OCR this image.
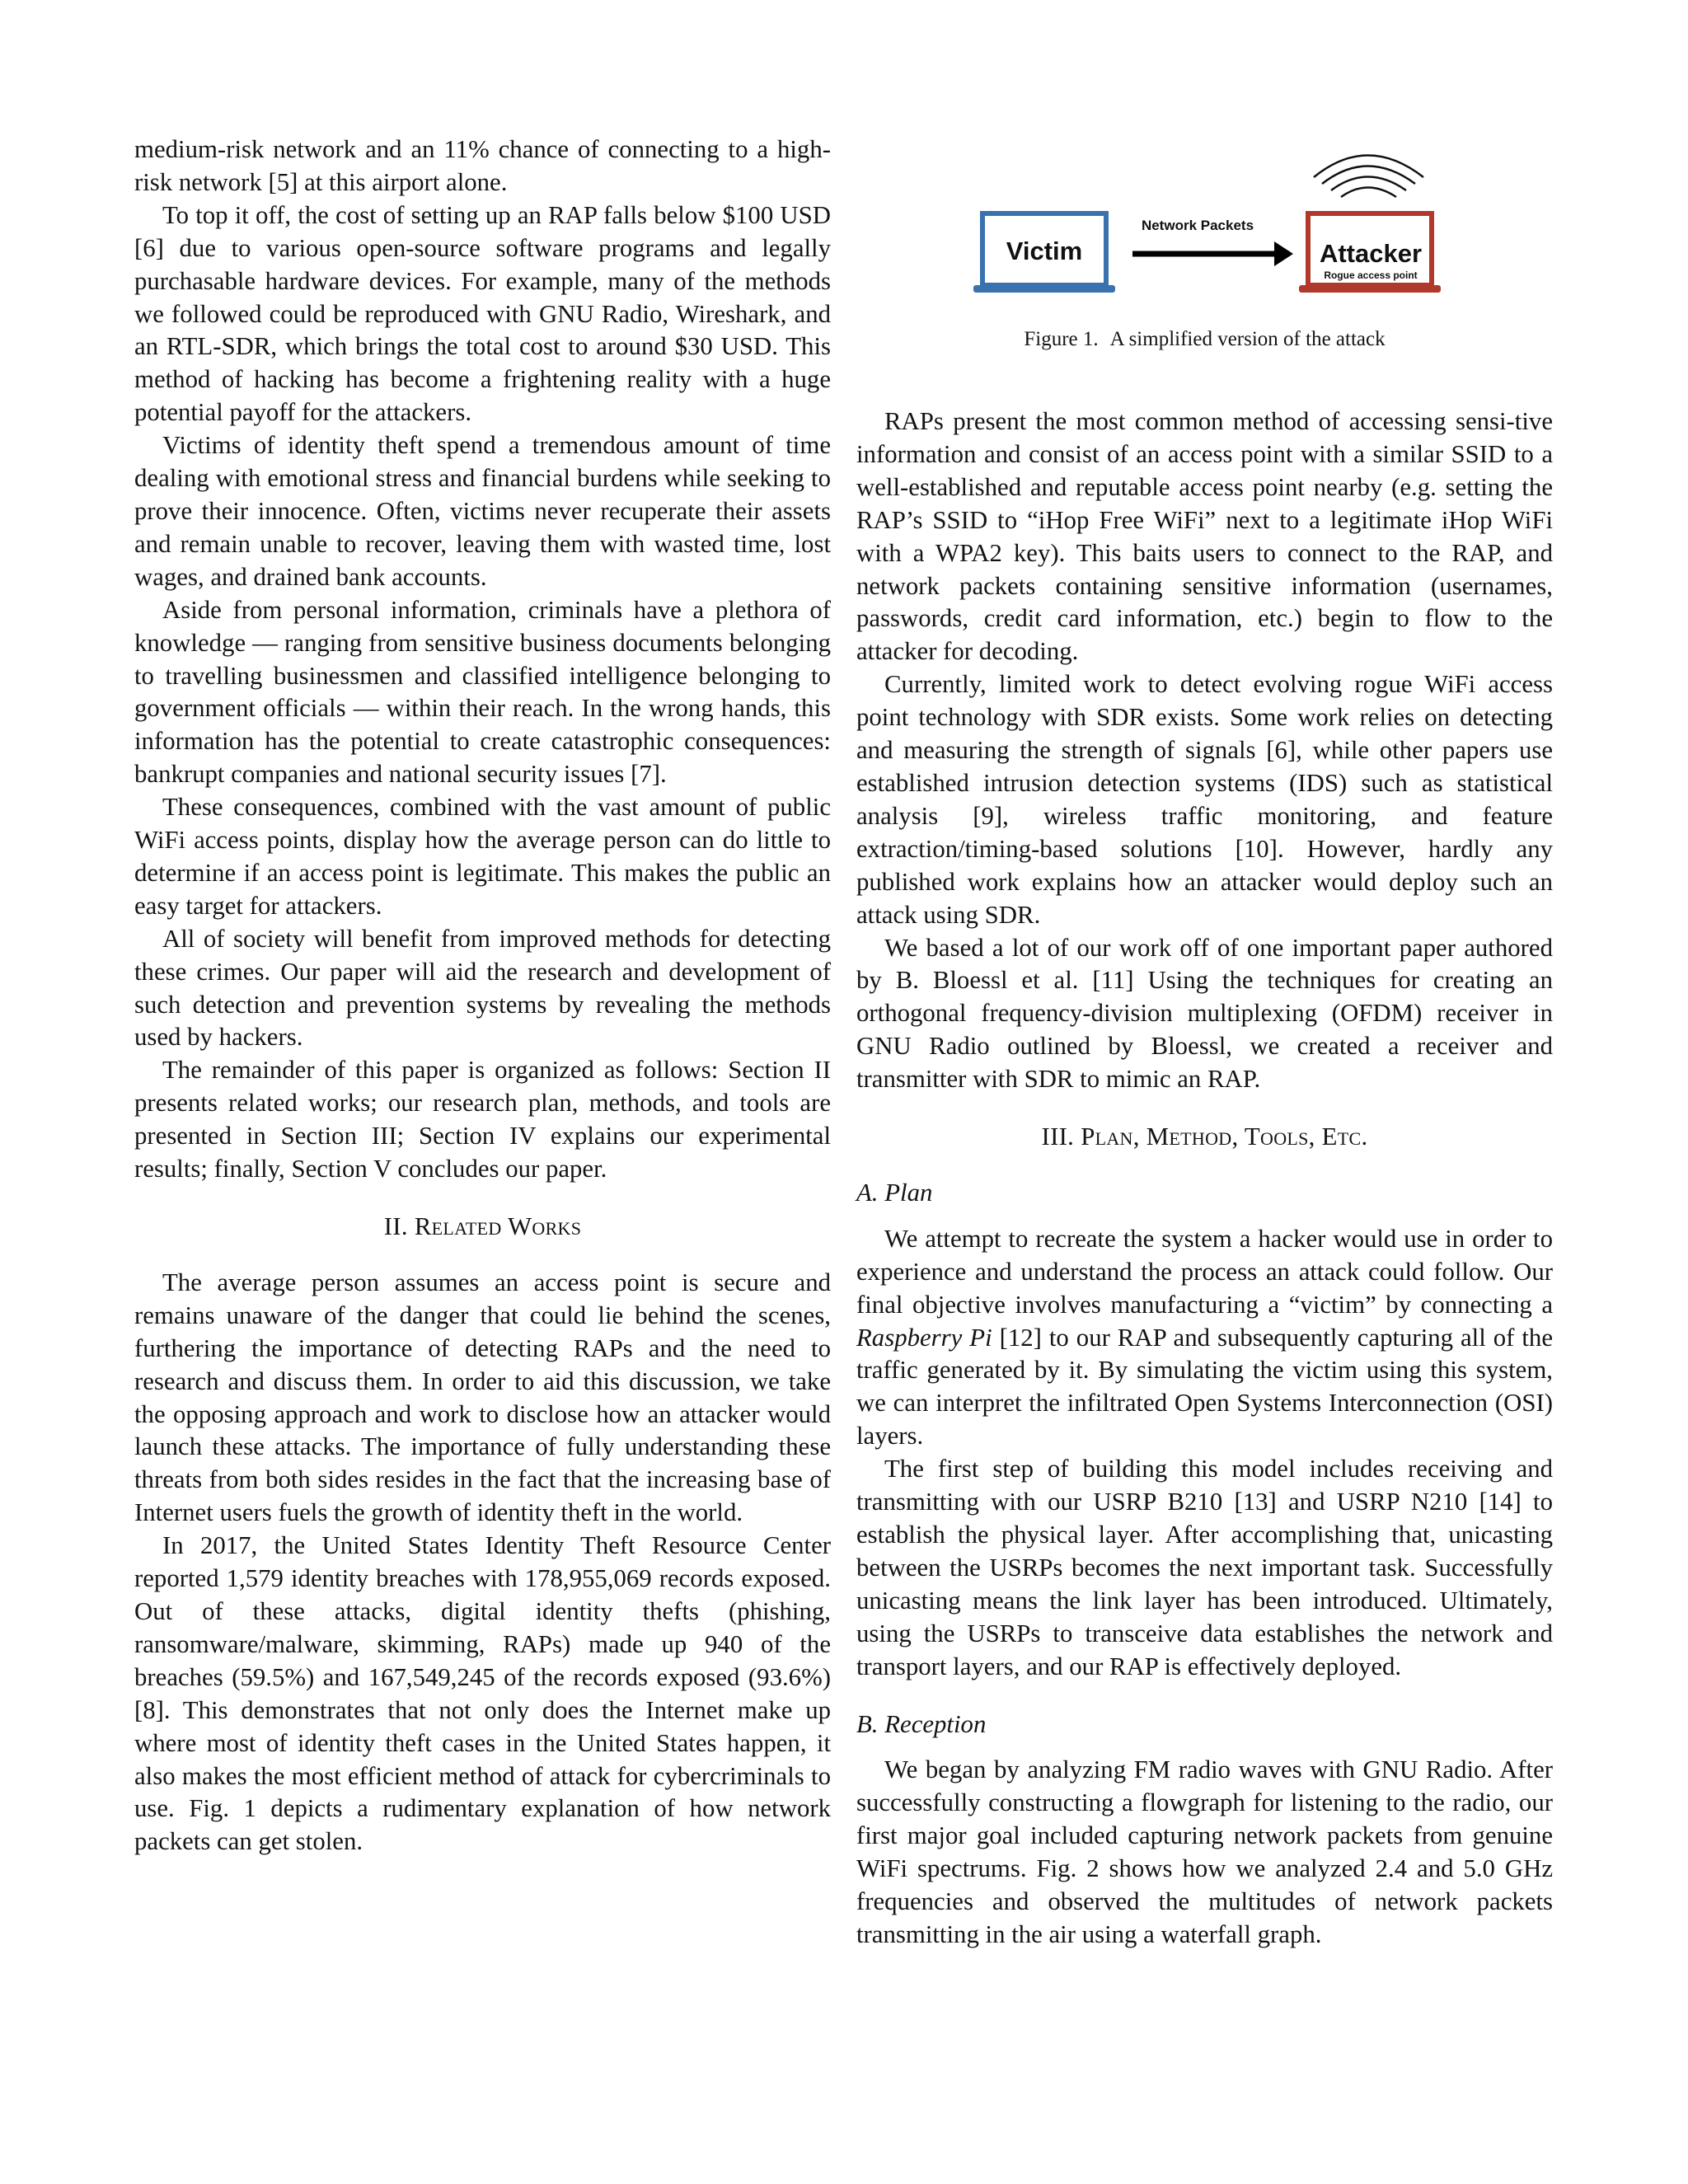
medium-risk network and an 11% chance of connecting to a high-risk network [5] at this airport alone.

To top it off, the cost of setting up an RAP falls below $100 USD [6] due to various open-source software programs and legally purchasable hardware devices. For example, many of the methods we followed could be reproduced with GNU Radio, Wireshark, and an RTL-SDR, which brings the total cost to around $30 USD. This method of hacking has become a frightening reality with a huge potential payoff for the attackers.

Victims of identity theft spend a tremendous amount of time dealing with emotional stress and financial burdens while seeking to prove their innocence. Often, victims never recuperate their assets and remain unable to recover, leaving them with wasted time, lost wages, and drained bank accounts.

Aside from personal information, criminals have a plethora of knowledge — ranging from sensitive business documents belonging to travelling businessmen and classified intelligence belonging to government officials — within their reach. In the wrong hands, this information has the potential to create catastrophic consequences: bankrupt companies and national security issues [7].

These consequences, combined with the vast amount of public WiFi access points, display how the average person can do little to determine if an access point is legitimate. This makes the public an easy target for attackers.

All of society will benefit from improved methods for detecting these crimes. Our paper will aid the research and development of such detection and prevention systems by revealing the methods used by hackers.

The remainder of this paper is organized as follows: Section II presents related works; our research plan, methods, and tools are presented in Section III; Section IV explains our experimental results; finally, Section V concludes our paper.

II. Related Works

The average person assumes an access point is secure and remains unaware of the danger that could lie behind the scenes, furthering the importance of detecting RAPs and the need to research and discuss them. In order to aid this discussion, we take the opposing approach and work to disclose how an attacker would launch these attacks. The importance of fully understanding these threats from both sides resides in the fact that the increasing base of Internet users fuels the growth of identity theft in the world.

In 2017, the United States Identity Theft Resource Center reported 1,579 identity breaches with 178,955,069 records exposed. Out of these attacks, digital identity thefts (phishing, ransomware/malware, skimming, RAPs) made up 940 of the breaches (59.5%) and 167,549,245 of the records exposed (93.6%) [8]. This demonstrates that not only does the Internet make up where most of identity theft cases in the United States happen, it also makes the most efficient method of attack for cybercriminals to use. Fig. 1 depicts a rudimentary explanation of how network packets can get stolen.

Victim
Network Packets
Attacker
Rogue access point
Figure 1. A simplified version of the attack

RAPs present the most common method of accessing sensi-tive information and consist of an access point with a similar SSID to a well-established and reputable access point nearby (e.g. setting the RAP’s SSID to “iHop Free WiFi” next to a legitimate iHop WiFi with a WPA2 key). This baits users to connect to the RAP, and network packets containing sensitive information (usernames, passwords, credit card information, etc.) begin to flow to the attacker for decoding.

Currently, limited work to detect evolving rogue WiFi access point technology with SDR exists. Some work relies on detecting and measuring the strength of signals [6], while other papers use established intrusion detection systems (IDS) such as statistical analysis [9], wireless traffic monitoring, and feature extraction/timing-based solutions [10]. However, hardly any published work explains how an attacker would deploy such an attack using SDR.

We based a lot of our work off of one important paper authored by B. Bloessl et al. [11] Using the techniques for creating an orthogonal frequency-division multiplexing (OFDM) receiver in GNU Radio outlined by Bloessl, we created a receiver and transmitter with SDR to mimic an RAP.

III. Plan, Method, Tools, Etc.
A. Plan

We attempt to recreate the system a hacker would use in order to experience and understand the process an attack could follow. Our final objective involves manufacturing a “victim” by connecting a Raspberry Pi [12] to our RAP and subsequently capturing all of the traffic generated by it. By simulating the victim using this system, we can interpret the infiltrated Open Systems Interconnection (OSI) layers.

The first step of building this model includes receiving and transmitting with our USRP B210 [13] and USRP N210 [14] to establish the physical layer. After accomplishing that, unicasting between the USRPs becomes the next important task. Successfully unicasting means the link layer has been introduced. Ultimately, using the USRPs to transceive data establishes the network and transport layers, and our RAP is effectively deployed.

B. Reception

We began by analyzing FM radio waves with GNU Radio. After successfully constructing a flowgraph for listening to the radio, our first major goal included capturing network packets from genuine WiFi spectrums. Fig. 2 shows how we analyzed 2.4 and 5.0 GHz frequencies and observed the multitudes of network packets transmitting in the air using a waterfall graph.
